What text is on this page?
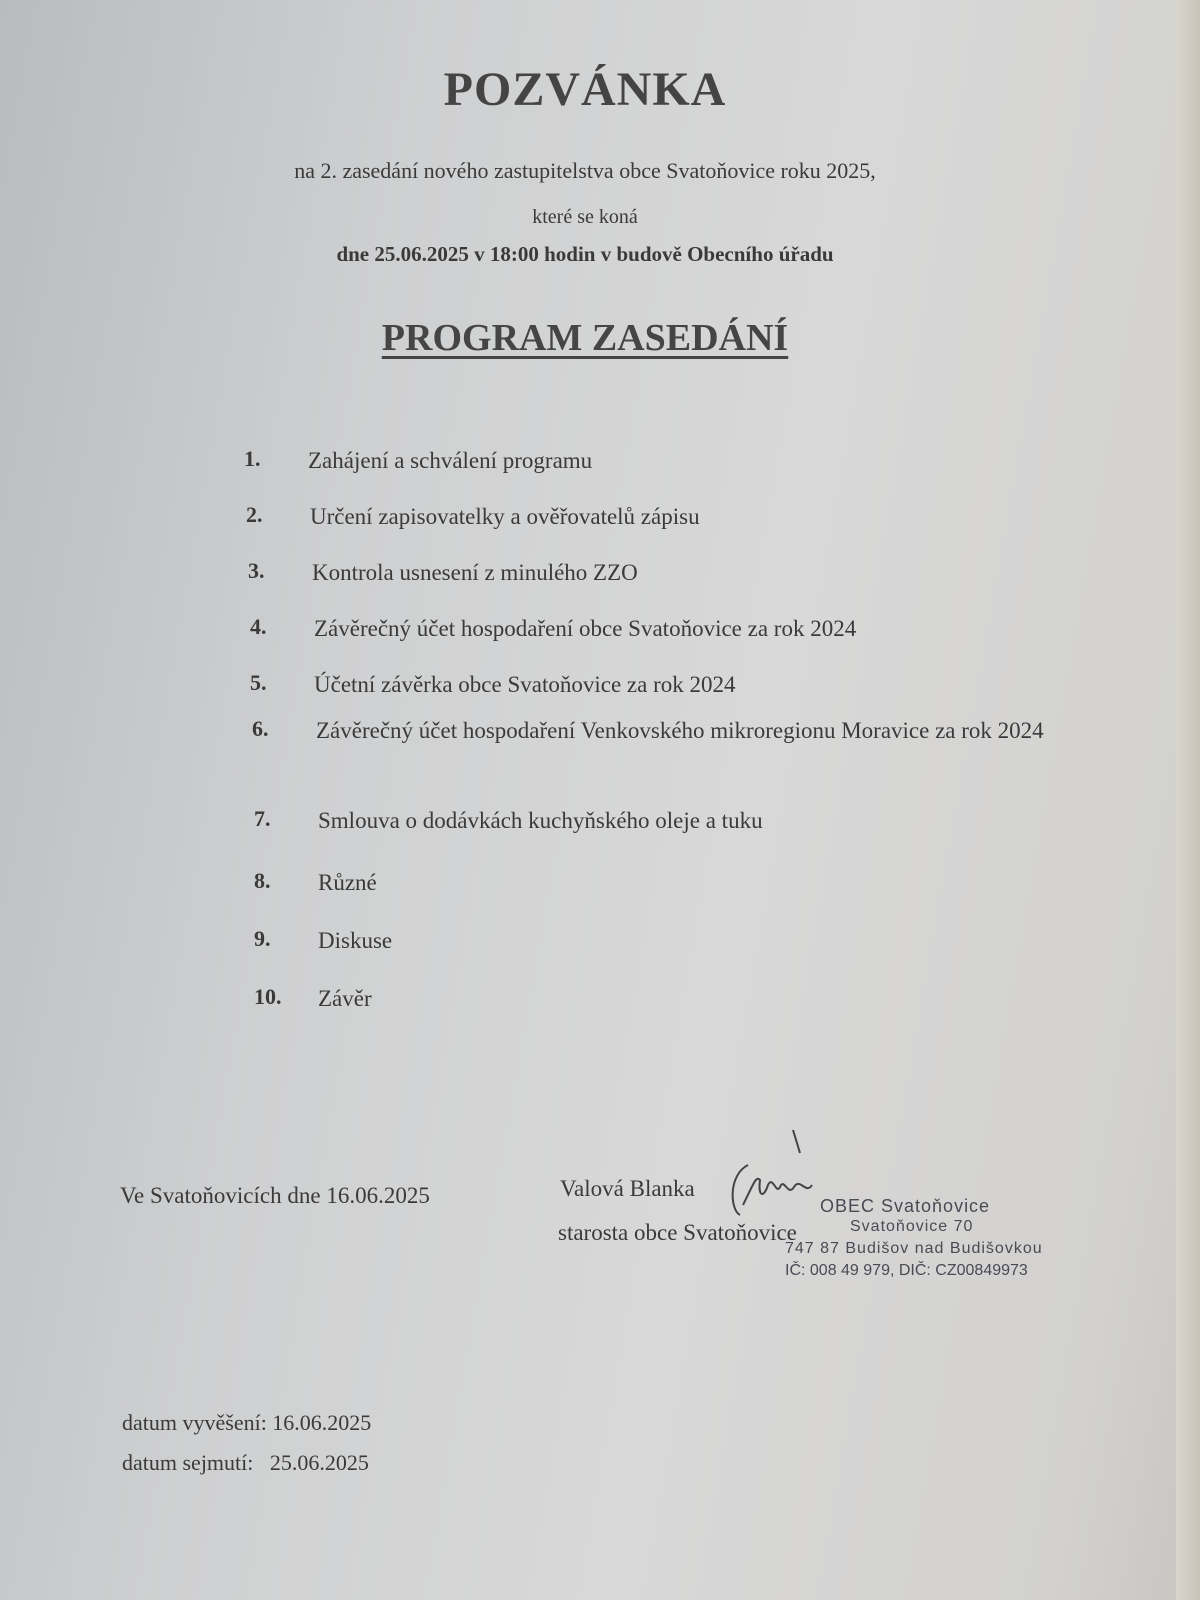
POZVÁNKA
na 2. zasedání nového zastupitelstva obce Svatoňovice roku 2025,
které se koná
dne 25.06.2025 v 18:00 hodin v budově Obecního úřadu
PROGRAM ZASEDÁNÍ
1. Zahájení a schválení programu
2. Určení zapisovatelky a ověřovatelů zápisu
3. Kontrola usnesení z minulého ZZO
4. Závěrečný účet hospodaření obce Svatoňovice za rok 2024
5. Účetní závěrka obce Svatoňovice za rok 2024
6. Závěrečný účet hospodaření Venkovského mikroregionu Moravice za rok 2024
7. Smlouva o dodávkách kuchyňského oleje a tuku
8. Různé
9. Diskuse
10. Závěr
Ve Svatoňovicích dne 16.06.2025	Valová Blanka
starosta obce Svatoňovice
OBEC Svatoňovice
Svatoňovice 70
747 87 Budišov nad Budišovkou
IČ: 008 49 979, DIČ: CZ00849973
datum vyvěšení: 16.06.2025
datum sejmutí:   25.06.2025
